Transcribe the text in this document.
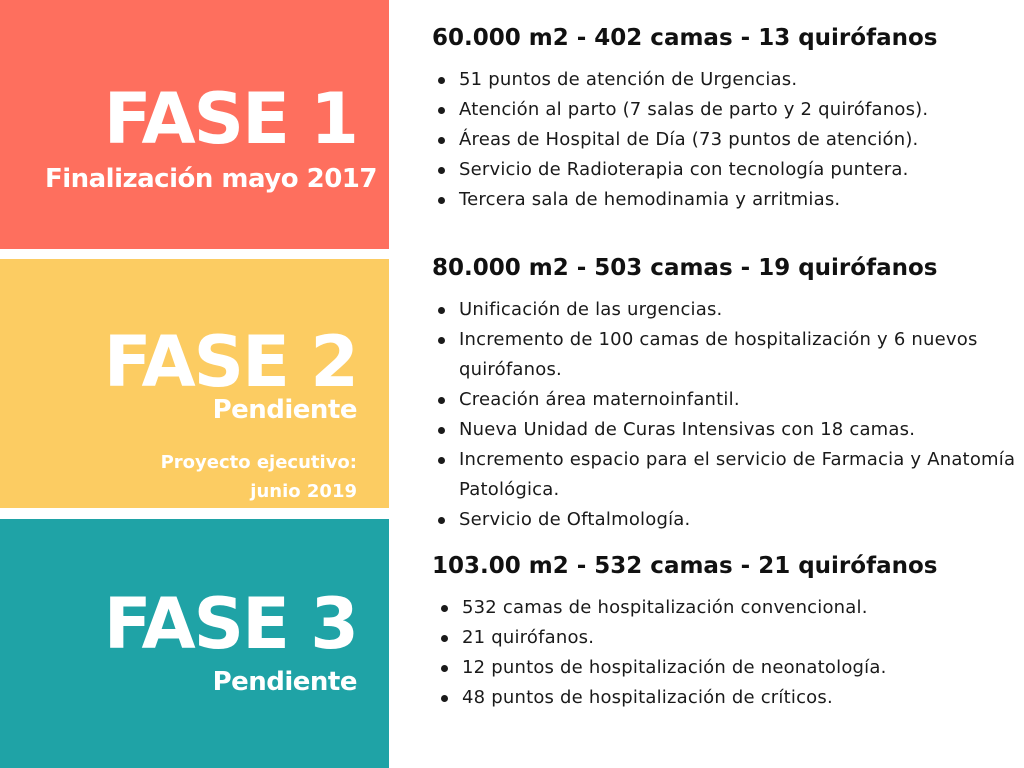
FASE 1
Finalización mayo 2017
FASE 2
Pendiente
Proyecto ejecutivo:
junio 2019
FASE 3
Pendiente
60.000 m2 - 402 camas - 13 quirófanos
51 puntos de atención de Urgencias.
Atención al parto (7 salas de parto y 2 quirófanos).
Áreas de Hospital de Día (73 puntos de atención).
Servicio de Radioterapia con tecnología puntera.
Tercera sala de hemodinamia y arritmias.
80.000 m2 - 503 camas - 19 quirófanos
Unificación de las urgencias.
Incremento de 100 camas de hospitalización y 6 nuevos quirófanos.
Creación área maternoinfantil.
Nueva Unidad de Curas Intensivas con 18 camas.
Incremento espacio para el servicio de Farmacia y Anatomía Patológica.
Servicio de Oftalmología.
103.00 m2 - 532 camas - 21 quirófanos
532 camas de hospitalización convencional.
21 quirófanos.
12 puntos de hospitalización de neonatología.
48 puntos de hospitalización de críticos.
